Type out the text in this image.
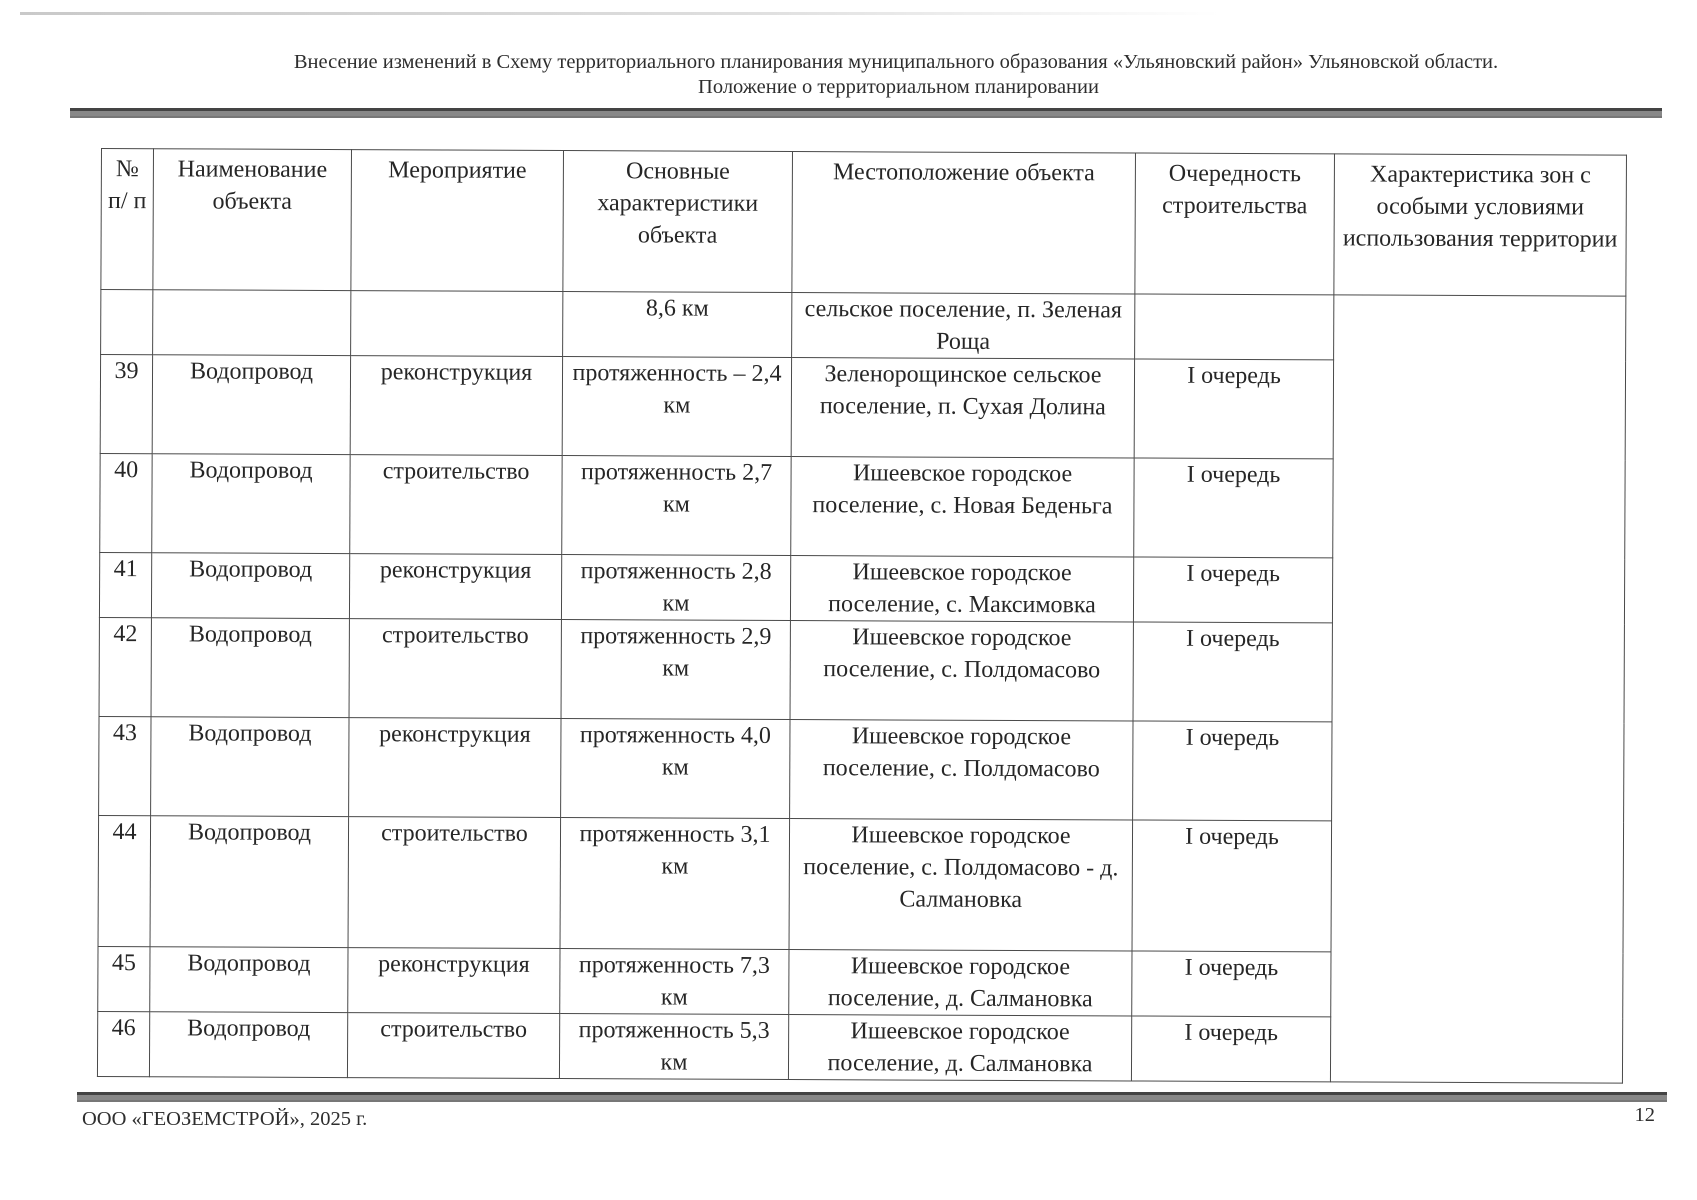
Внесение изменений в Схему территориального планирования муниципального образования «Ульяновский район» Ульяновской области.
Положение о территориальном планировании
№ п/ п	Наименование объекта	Мероприятие	Основные характеристики объекта	Местоположение объекта	Очередность строительства	Характеристика зон с особыми условиями использования территории
			8,6 км	сельское поселение, п. Зеленая Роща		
39	Водопровод	реконструкция	протяженность – 2,4 км	Зеленорощинское сельское поселение, п. Сухая Долина	I очередь	
40	Водопровод	строительство	протяженность 2,7 км	Ишеевское городское поселение, с. Новая Беденьга	I очередь	
41	Водопровод	реконструкция	протяженность 2,8 км	Ишеевское городское поселение, с. Максимовка	I очередь	
42	Водопровод	строительство	протяженность 2,9 км	Ишеевское городское поселение, с. Полдомасово	I очередь	
43	Водопровод	реконструкция	протяженность 4,0 км	Ишеевское городское поселение, с. Полдомасово	I очередь	
44	Водопровод	строительство	протяженность 3,1 км	Ишеевское городское поселение, с. Полдомасово - д. Салмановка	I очередь	
45	Водопровод	реконструкция	протяженность 7,3 км	Ишеевское городское поселение, д. Салмановка	I очередь	
46	Водопровод	строительство	протяженность 5,3 км	Ишеевское городское поселение, д. Салмановка	I очередь	
ООО «ГЕОЗЕМСТРОЙ», 2025 г.	12
